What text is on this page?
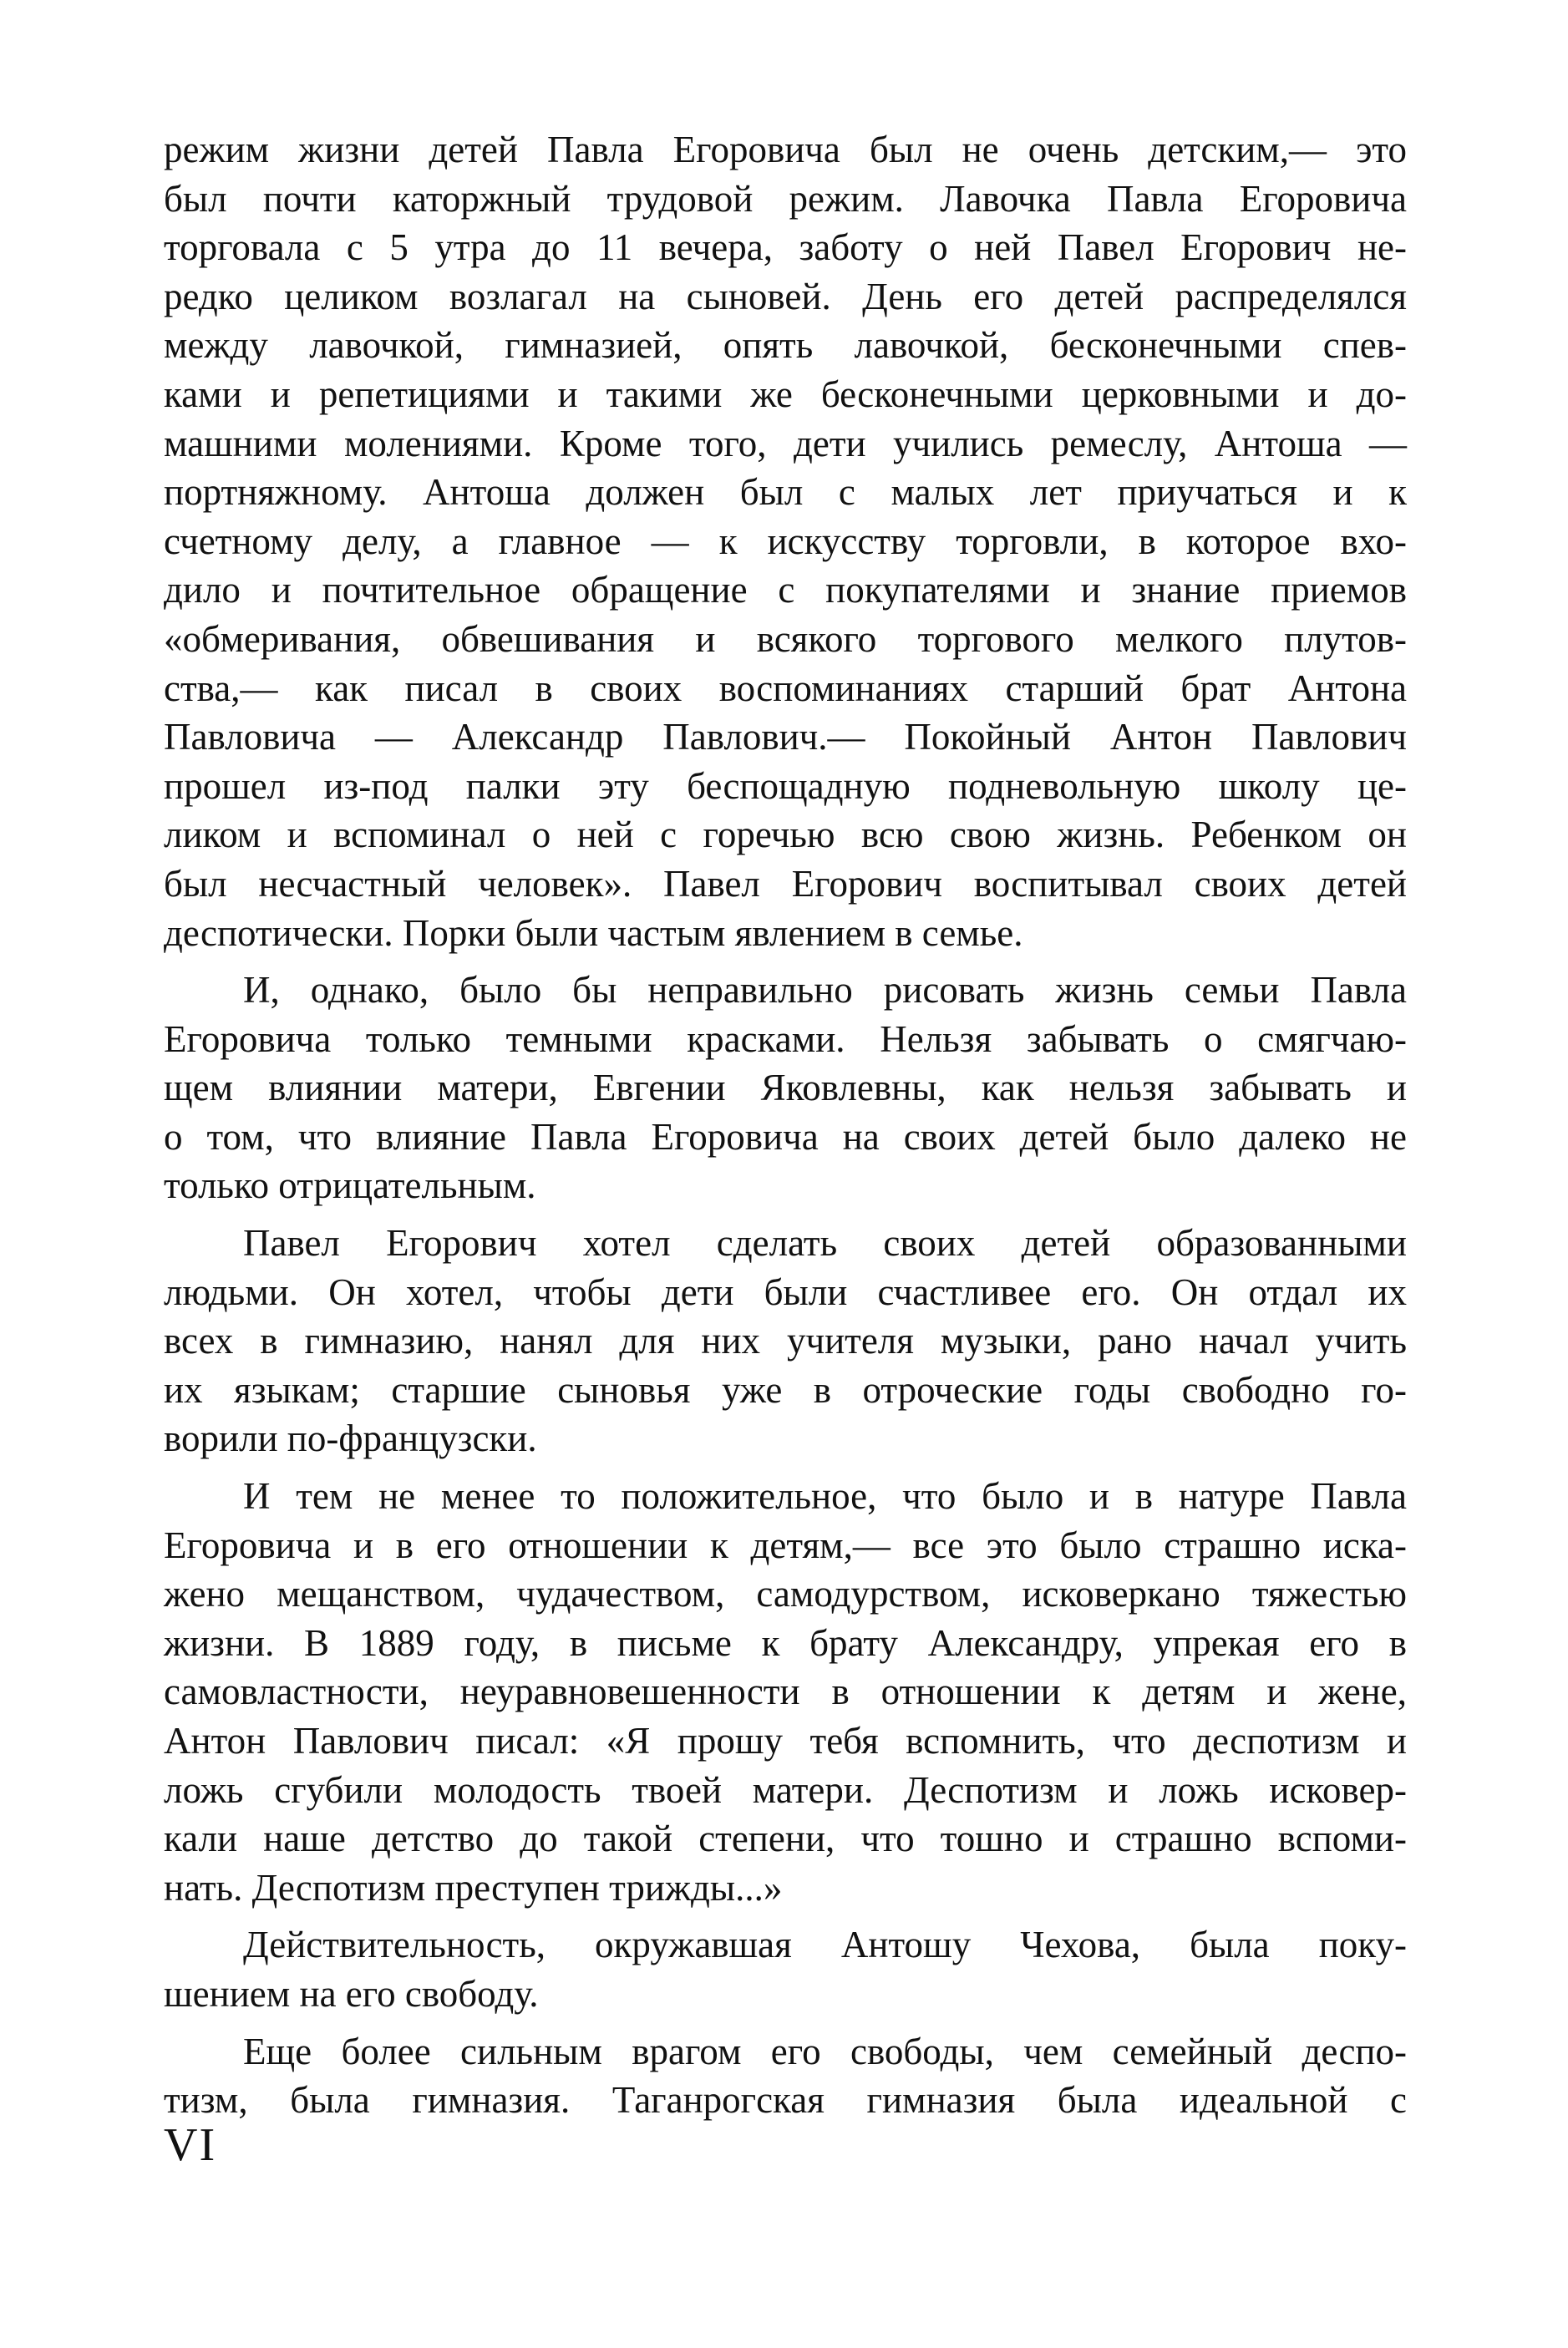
режим жизни детей Павла Егоровича был не очень детским,— это
был почти каторжный трудовой режим. Лавочка Павла Егоровича
торговала с 5 утра до 11 вечера, заботу о ней Павел Егорович не-
редко целиком возлагал на сыновей. День его детей распределялся
между лавочкой, гимназией, опять лавочкой, бесконечными спев-
ками и репетициями и такими же бесконечными церковными и до-
машними молениями. Кроме того, дети учились ремеслу, Антоша —
портняжному. Антоша должен был с малых лет приучаться и к
счетному делу, а главное — к искусству торговли, в которое вхо-
дило и почтительное обращение с покупателями и знание приемов
«обмеривания, обвешивания и всякого торгового мелкого плутов-
ства,— как писал в своих воспоминаниях старший брат Антона
Павловича — Александр Павлович.— Покойный Антон Павлович
прошел из-под палки эту беспощадную подневольную школу це-
ликом и вспоминал о ней с горечью всю свою жизнь. Ребенком он
был несчастный человек». Павел Егорович воспитывал своих детей
деспотически. Порки были частым явлением в семье.

И, однако, было бы неправильно рисовать жизнь семьи Павла
Егоровича только темными красками. Нельзя забывать о смягчаю-
щем влиянии матери, Евгении Яковлевны, как нельзя забывать и
о том, что влияние Павла Егоровича на своих детей было далеко не
только отрицательным.

Павел Егорович хотел сделать своих детей образованными
людьми. Он хотел, чтобы дети были счастливее его. Он отдал их
всех в гимназию, нанял для них учителя музыки, рано начал учить
их языкам; старшие сыновья уже в отроческие годы свободно го-
ворили по-французски.

И тем не менее то положительное, что было и в натуре Павла
Егоровича и в его отношении к детям,— все это было страшно иска-
жено мещанством, чудачеством, самодурством, исковеркано тяжестью
жизни. В 1889 году, в письме к брату Александру, упрекая его в
самовластности, неуравновешенности в отношении к детям и жене,
Антон Павлович писал: «Я прошу тебя вспомнить, что деспотизм и
ложь сгубили молодость твоей матери. Деспотизм и ложь исковер-
кали наше детство до такой степени, что тошно и страшно вспоми-
нать. Деспотизм преступен трижды...»

Действительность, окружавшая Антошу Чехова, была поку-
шением на его свободу.

Еще более сильным врагом его свободы, чем семейный деспо-
тизм, была гимназия. Таганрогская гимназия была идеальной с

VI
